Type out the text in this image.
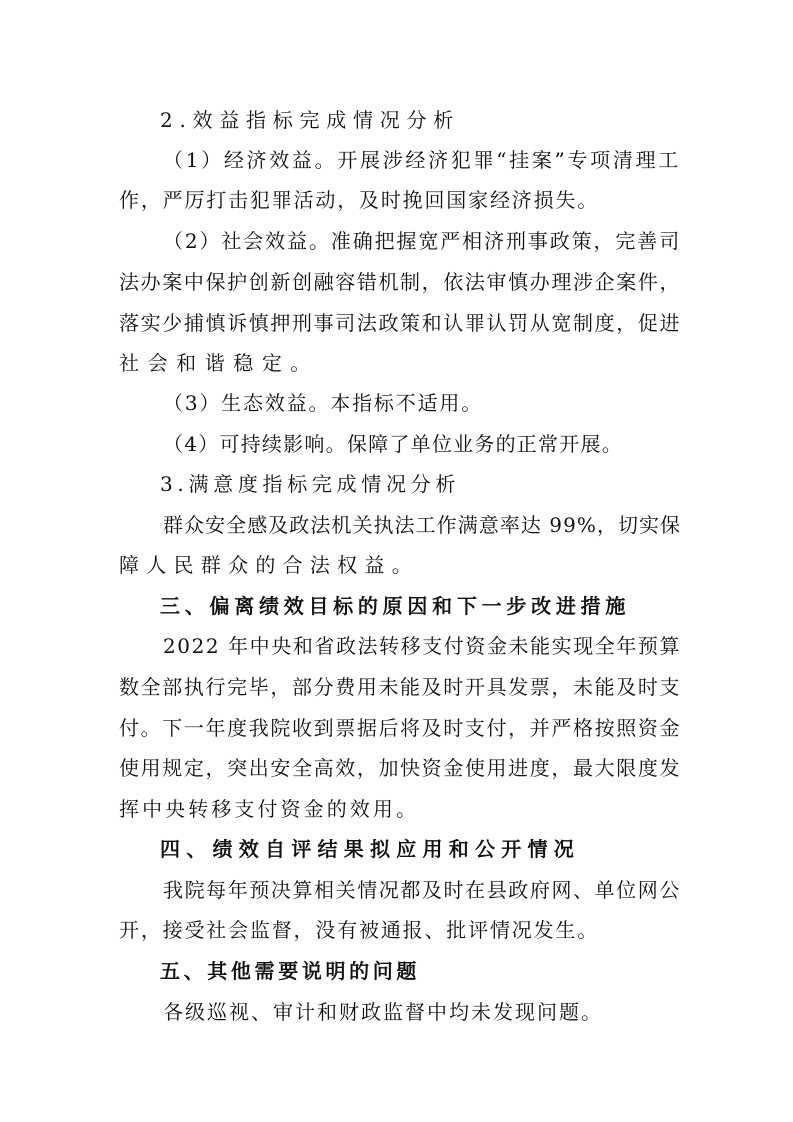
2.效益指标完成情况分析
（1）经济效益。开展涉经济犯罪“挂案”专项清理工
作，严厉打击犯罪活动，及时挽回国家经济损失。
（2）社会效益。准确把握宽严相济刑事政策，完善司
法办案中保护创新创融容错机制，依法审慎办理涉企案件，
落实少捕慎诉慎押刑事司法政策和认罪认罚从宽制度，促进
社会和谐稳定。
（3）生态效益。本指标不适用。
（4）可持续影响。保障了单位业务的正常开展。
3.满意度指标完成情况分析
群众安全感及政法机关执法工作满意率达 99%，切实保
障人民群众的合法权益。
三、偏离绩效目标的原因和下一步改进措施
2022 年中央和省政法转移支付资金未能实现全年预算
数全部执行完毕，部分费用未能及时开具发票，未能及时支
付。下一年度我院收到票据后将及时支付，并严格按照资金
使用规定，突出安全高效，加快资金使用进度，最大限度发
挥中央转移支付资金的效用。
四、绩效自评结果拟应用和公开情况
我院每年预决算相关情况都及时在县政府网、单位网公
开，接受社会监督，没有被通报、批评情况发生。
五、其他需要说明的问题
各级巡视、审计和财政监督中均未发现问题。
